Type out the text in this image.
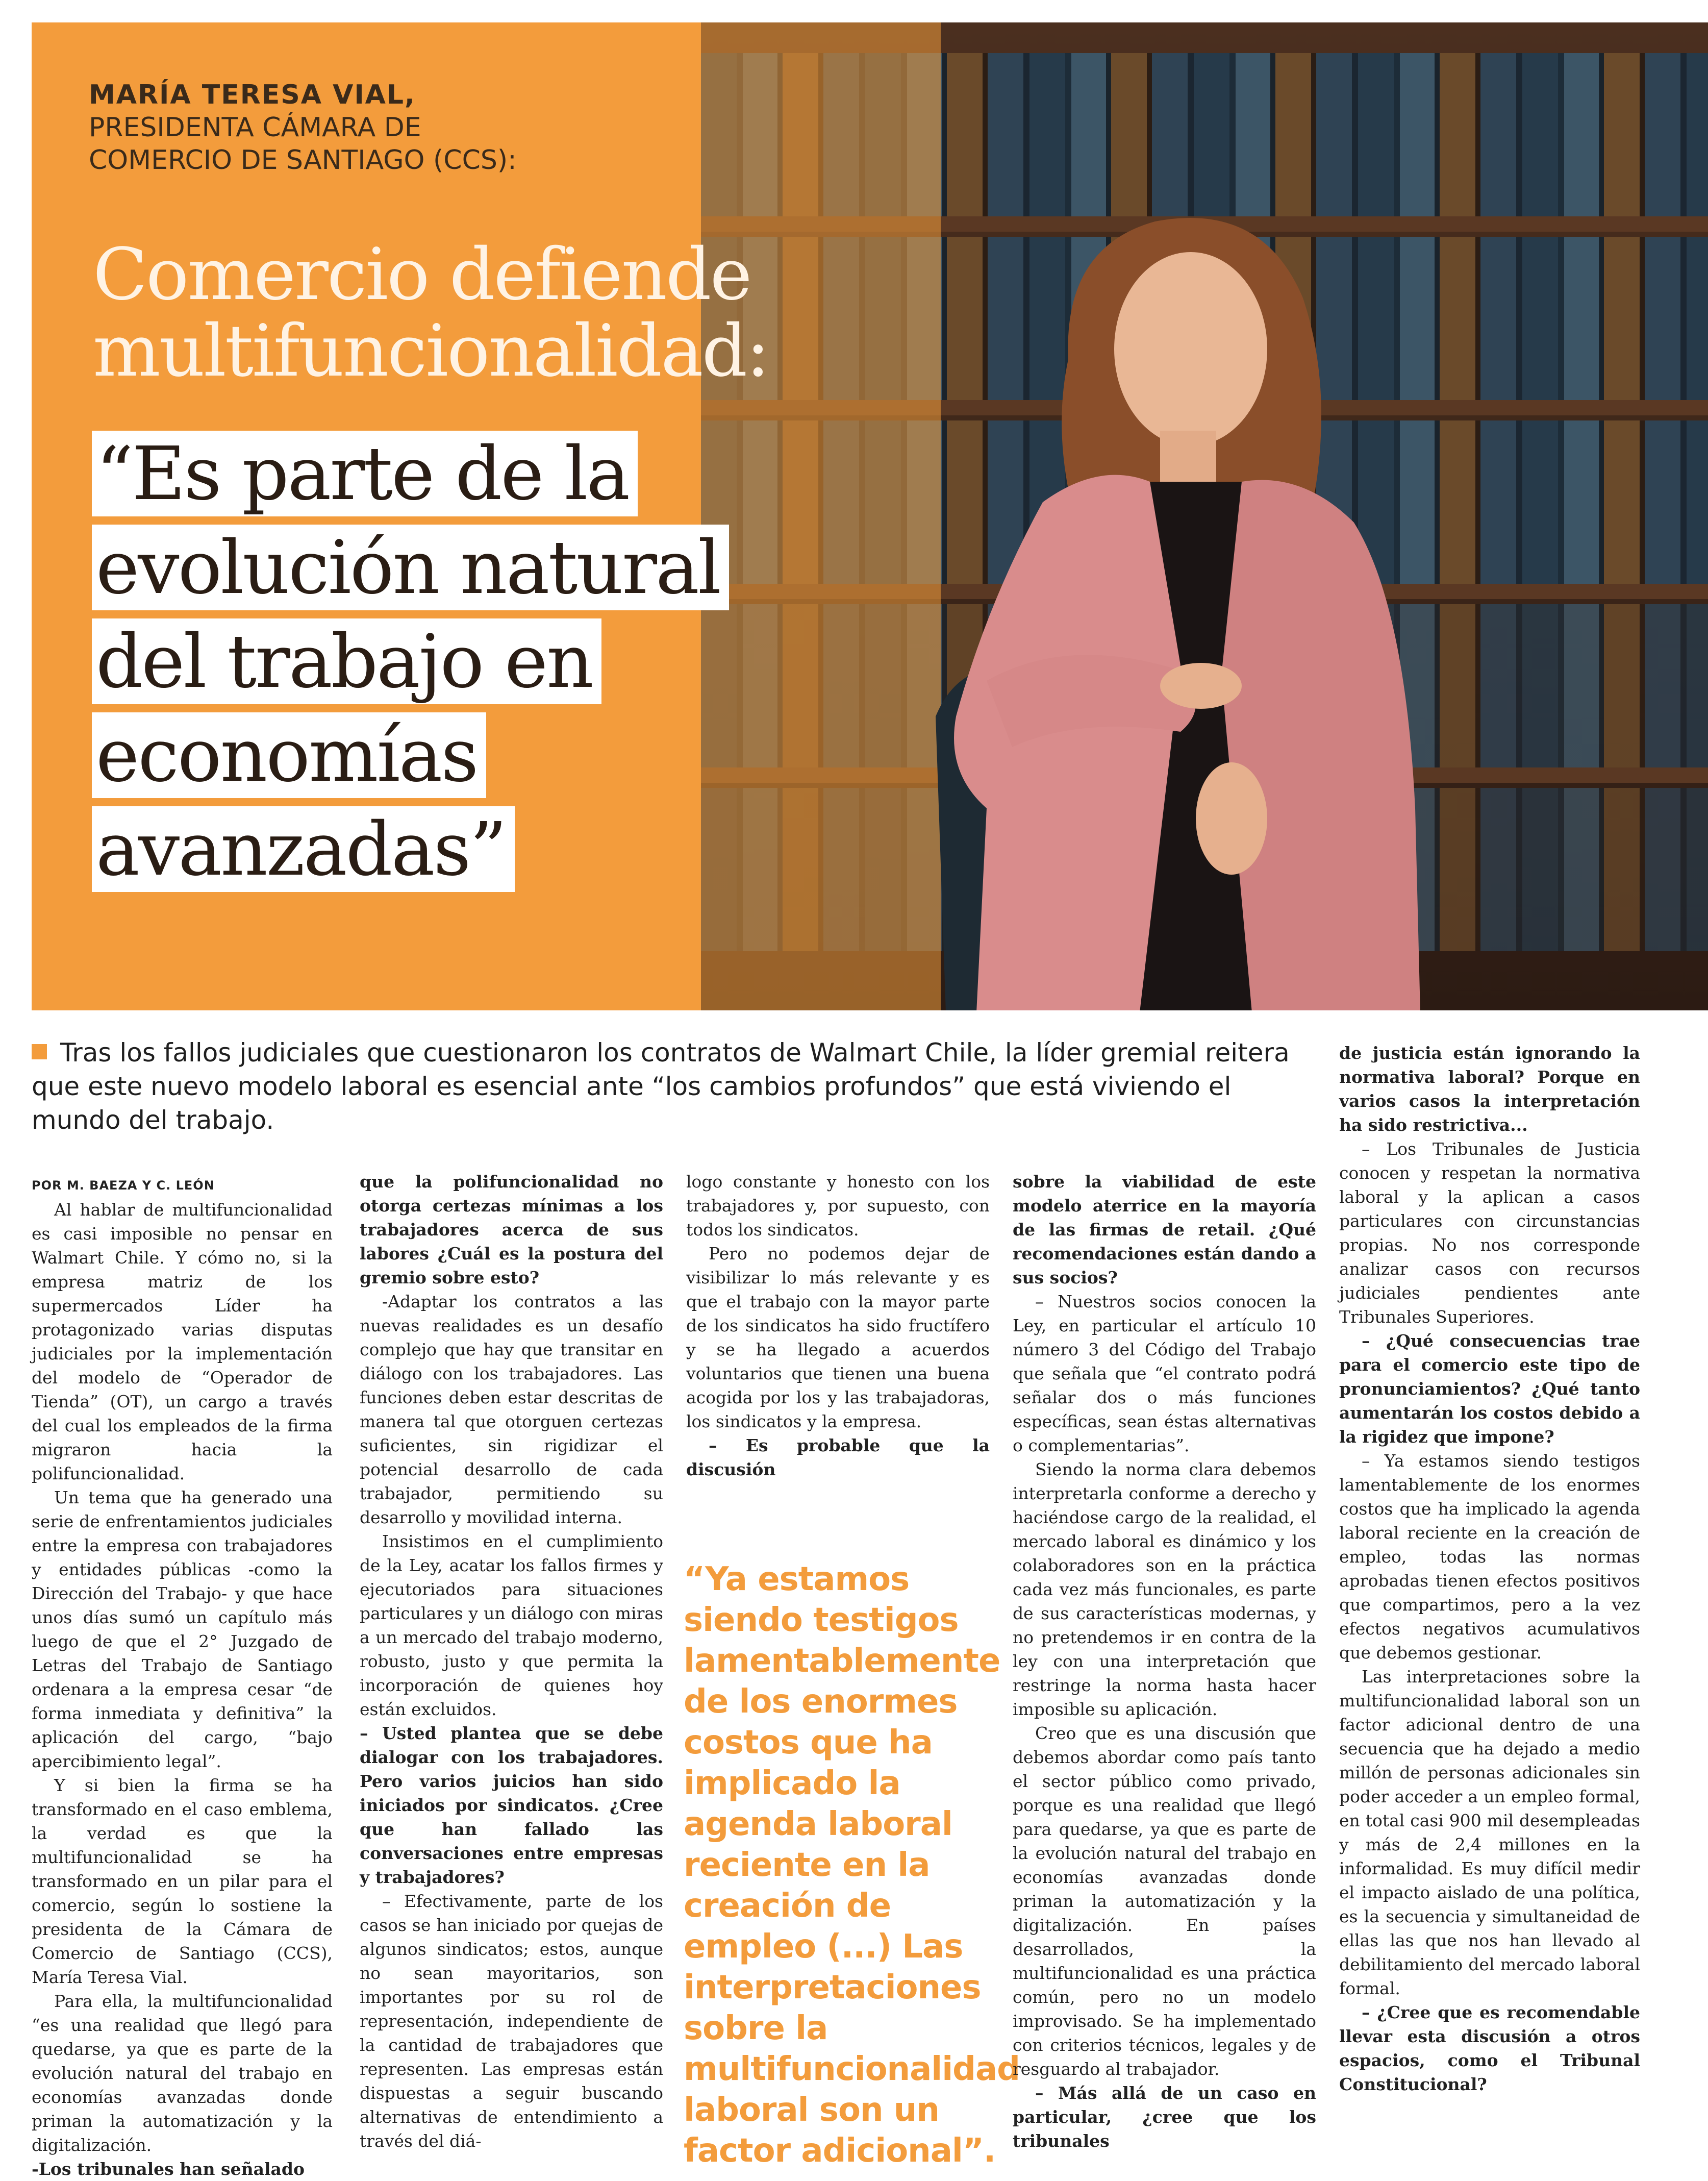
MARÍA TERESA VIAL,
PRESIDENTA CÁMARA DE
COMERCIO DE SANTIAGO (CCS):
Comercio defiende
multifuncionalidad:
“Es parte de la
evolución natural
del trabajo en
economías
avanzadas”
Tras los fallos judiciales que cuestionaron los contratos de Walmart Chile, la líder gremial reitera que este nuevo modelo laboral es esencial ante “los cambios profundos” que está viviendo el mundo del trabajo.

POR M. BAEZA Y C. LEÓN

Al hablar de multifuncionalidad es casi imposible no pensar en Walmart Chile. Y cómo no, si la empresa matriz de los supermercados Líder ha protagonizado varias disputas judiciales por la implementación del modelo de “Operador de Tienda” (OT), un cargo a través del cual los empleados de la firma migraron hacia la polifuncionalidad.

Un tema que ha generado una serie de enfrentamientos judiciales entre la empresa con trabajadores y entidades públicas -como la Dirección del Trabajo- y que hace unos días sumó un capítulo más luego de que el 2° Juzgado de Letras del Trabajo de Santiago ordenara a la empresa cesar “de forma inmediata y definitiva” la aplicación del cargo, “bajo apercibimiento legal”.

Y si bien la firma se ha transformado en el caso emblema, la verdad es que la multifuncionalidad se ha transformado en un pilar para el comercio, según lo sostiene la presidenta de la Cámara de Comercio de Santiago (CCS), María Teresa Vial.

Para ella, la multifuncionalidad “es una realidad que llegó para quedarse, ya que es parte de la evolución natural del trabajo en economías avanzadas donde priman la automatización y la digitalización.

-Los tribunales han señalado

que la polifuncionalidad no otorga certezas mínimas a los trabajadores acerca de sus labores ¿Cuál es la postura del gremio sobre esto?

-Adaptar los contratos a las nuevas realidades es un desafío complejo que hay que transitar en diálogo con los trabajadores. Las funciones deben estar descritas de manera tal que otorguen certezas suficientes, sin rigidizar el potencial desarrollo de cada trabajador, permitiendo su desarrollo y movilidad interna.

Insistimos en el cumplimiento de la Ley, acatar los fallos firmes y ejecutoriados para situaciones particulares y un diálogo con miras a un mercado del trabajo moderno, robusto, justo y que permita la incorporación de quienes hoy están excluidos.

– Usted plantea que se debe dialogar con los trabajadores. Pero varios juicios han sido iniciados por sindicatos. ¿Cree que han fallado las conversaciones entre empresas y trabajadores?

– Efectivamente, parte de los casos se han iniciado por quejas de algunos sindicatos; estos, aunque no sean mayoritarios, son importantes por su rol de representación, independiente de la cantidad de trabajadores que representen. Las empresas están dispuestas a seguir buscando alternativas de entendimiento a través del diá-

logo constante y honesto con los trabajadores y, por supuesto, con todos los sindicatos.

Pero no podemos dejar de visibilizar lo más relevante y es que el trabajo con la mayor parte de los sindicatos ha sido fructífero y se ha llegado a acuerdos voluntarios que tienen una buena acogida por los y las trabajadoras, los sindicatos y la empresa.

– Es probable que la discusión

“Ya estamos siendo testigos lamentablemente de los enormes costos que ha implicado la agenda laboral reciente en la creación de empleo (...) Las interpretaciones sobre la multifuncionalidad laboral son un factor adicional”.

sobre la viabilidad de este modelo aterrice en la mayoría de las firmas de retail. ¿Qué recomendaciones están dando a sus socios?

– Nuestros socios conocen la Ley, en particular el artículo 10 número 3 del Código del Trabajo que señala que “el contrato podrá señalar dos o más funciones específicas, sean éstas alternativas o complementarias”.

Siendo la norma clara debemos interpretarla conforme a derecho y haciéndose cargo de la realidad, el mercado laboral es dinámico y los colaboradores son en la práctica cada vez más funcionales, es parte de sus características modernas, y no pretendemos ir en contra de la ley con una interpretación que restringe la norma hasta hacer imposible su aplicación.

Creo que es una discusión que debemos abordar como país tanto el sector público como privado, porque es una realidad que llegó para quedarse, ya que es parte de la evolución natural del trabajo en economías avanzadas donde priman la automatización y la digitalización. En países desarrollados, la multifuncionalidad es una práctica común, pero no un modelo improvisado. Se ha implementado con criterios técnicos, legales y de resguardo al trabajador.

– Más allá de un caso en particular, ¿cree que los tribunales

de justicia están ignorando la normativa laboral? Porque en varios casos la interpretación ha sido restrictiva...

– Los Tribunales de Justicia conocen y respetan la normativa laboral y la aplican a casos particulares con circunstancias propias. No nos corresponde analizar casos con recursos judiciales pendientes ante Tribunales Superiores.

– ¿Qué consecuencias trae para el comercio este tipo de pronunciamientos? ¿Qué tanto aumentarán los costos debido a la rigidez que impone?

– Ya estamos siendo testigos lamentablemente de los enormes costos que ha implicado la agenda laboral reciente en la creación de empleo, todas las normas aprobadas tienen efectos positivos que compartimos, pero a la vez efectos negativos acumulativos que debemos gestionar.

Las interpretaciones sobre la multifuncionalidad laboral son un factor adicional dentro de una secuencia que ha dejado a medio millón de personas adicionales sin poder acceder a un empleo formal, en total casi 900 mil desempleadas y más de 2,4 millones en la informalidad. Es muy difícil medir el impacto aislado de una política, es la secuencia y simultaneidad de ellas las que nos han llevado al debilitamiento del mercado laboral formal.

– ¿Cree que es recomendable llevar esta discusión a otros espacios, como el Tribunal Constitucional?
